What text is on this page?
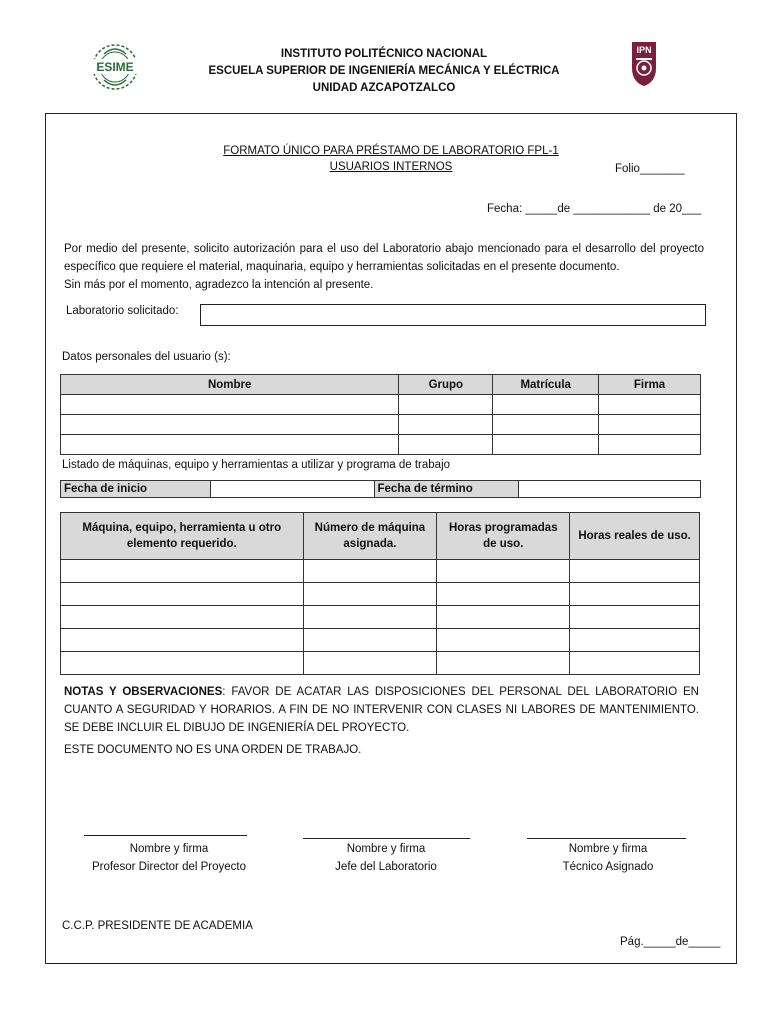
ESIME
INSTITUTO POLITÉCNICO NACIONAL
ESCUELA SUPERIOR DE INGENIERÍA MECÁNICA Y ELÉCTRICA
UNIDAD AZCAPOTZALCO
IPN
FORMATO ÚNICO PARA PRÉSTAMO DE LABORATORIO FPL-1
USUARIOS INTERNOS	Folio_______
Fecha: _____de ____________ de 20___
Por medio del presente, solicito autorización para el uso del Laboratorio abajo mencionado para el desarrollo del proyecto específico que requiere el material, maquinaria, equipo y herramientas solicitadas en el presente documento.
Sin más por el momento, agradezco la intención al presente.
Laboratorio solicitado:
Datos personales del usuario (s):
Nombre	Grupo	Matrícula	Firma

Listado de máquinas, equipo y herramientas a utilizar y programa de trabajo
Fecha de inicio		Fecha de término	
Máquina, equipo, herramienta u otro elemento requerido.	Número de máquina asignada.	Horas programadas de uso.	Horas reales de uso.

NOTAS Y OBSERVACIONES: FAVOR DE ACATAR LAS DISPOSICIONES DEL PERSONAL DEL LABORATORIO EN CUANTO A SEGURIDAD Y HORARIOS. A FIN DE NO INTERVENIR CON CLASES NI LABORES DE MANTENIMIENTO. SE DEBE INCLUIR EL DIBUJO DE INGENIERÍA DEL PROYECTO.
ESTE DOCUMENTO NO ES UNA ORDEN DE TRABAJO.
Nombre y firma
Profesor Director del Proyecto
Nombre y firma
Jefe del Laboratorio
Nombre y firma
Técnico Asignado
C.C.P. PRESIDENTE DE ACADEMIA
Pág._____de_____
